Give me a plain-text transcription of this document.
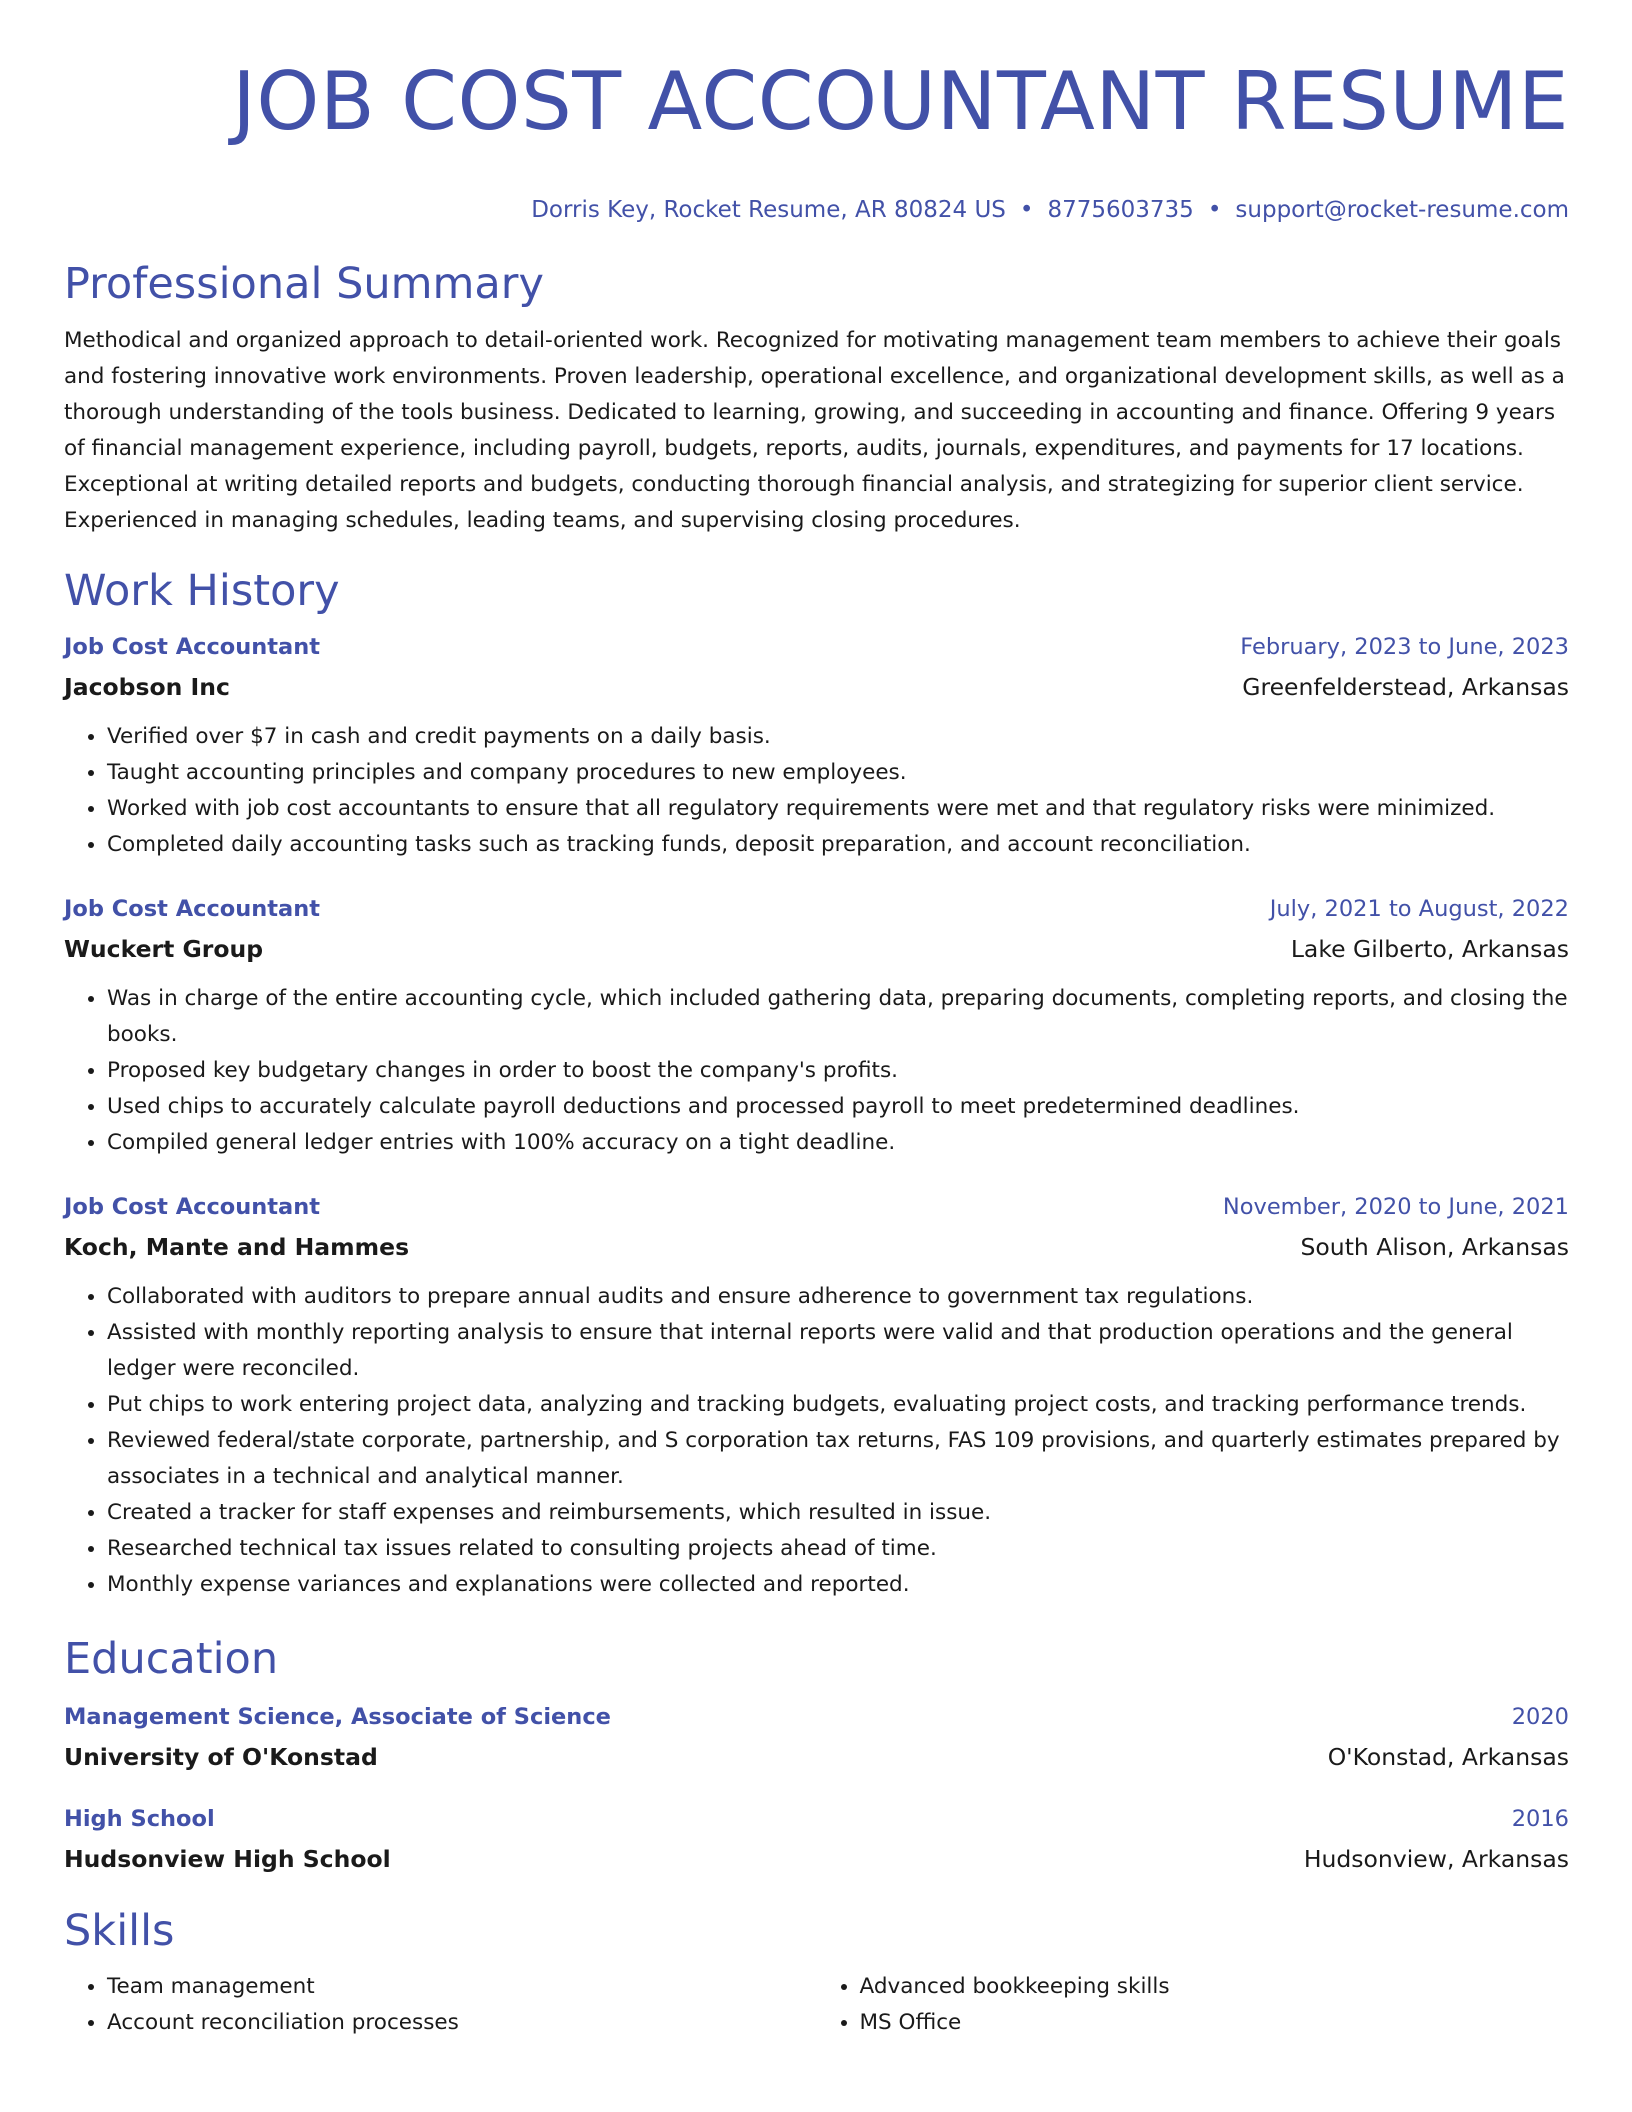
JOB COST ACCOUNTANT RESUME
Dorris Key, Rocket Resume, AR 80824 US • 8775603735 • support@rocket-resume.com
Professional Summary
Methodical and organized approach to detail-oriented work. Recognized for motivating management team members to achieve their goals and fostering innovative work environments. Proven leadership, operational excellence, and organizational development skills, as well as a thorough understanding of the tools business. Dedicated to learning, growing, and succeeding in accounting and finance. Offering 9 years of financial management experience, including payroll, budgets, reports, audits, journals, expenditures, and payments for 17 locations. Exceptional at writing detailed reports and budgets, conducting thorough financial analysis, and strategizing for superior client service. Experienced in managing schedules, leading teams, and supervising closing procedures.
Work History
Job Cost Accountant	February, 2023 to June, 2023
Jacobson Inc	Greenfelderstead, Arkansas
• Verified over $7 in cash and credit payments on a daily basis.
• Taught accounting principles and company procedures to new employees.
• Worked with job cost accountants to ensure that all regulatory requirements were met and that regulatory risks were minimized.
• Completed daily accounting tasks such as tracking funds, deposit preparation, and account reconciliation.
Job Cost Accountant	July, 2021 to August, 2022
Wuckert Group	Lake Gilberto, Arkansas
• Was in charge of the entire accounting cycle, which included gathering data, preparing documents, completing reports, and closing the books.
• Proposed key budgetary changes in order to boost the company's profits.
• Used chips to accurately calculate payroll deductions and processed payroll to meet predetermined deadlines.
• Compiled general ledger entries with 100% accuracy on a tight deadline.
Job Cost Accountant	November, 2020 to June, 2021
Koch, Mante and Hammes	South Alison, Arkansas
• Collaborated with auditors to prepare annual audits and ensure adherence to government tax regulations.
• Assisted with monthly reporting analysis to ensure that internal reports were valid and that production operations and the general ledger were reconciled.
• Put chips to work entering project data, analyzing and tracking budgets, evaluating project costs, and tracking performance trends.
• Reviewed federal/state corporate, partnership, and S corporation tax returns, FAS 109 provisions, and quarterly estimates prepared by associates in a technical and analytical manner.
• Created a tracker for staff expenses and reimbursements, which resulted in issue.
• Researched technical tax issues related to consulting projects ahead of time.
• Monthly expense variances and explanations were collected and reported.
Education
Management Science, Associate of Science	2020
University of O'Konstad	O'Konstad, Arkansas
High School	2016
Hudsonview High School	Hudsonview, Arkansas
Skills
• Team management
• Account reconciliation processes
• Advanced bookkeeping skills
• MS Office
